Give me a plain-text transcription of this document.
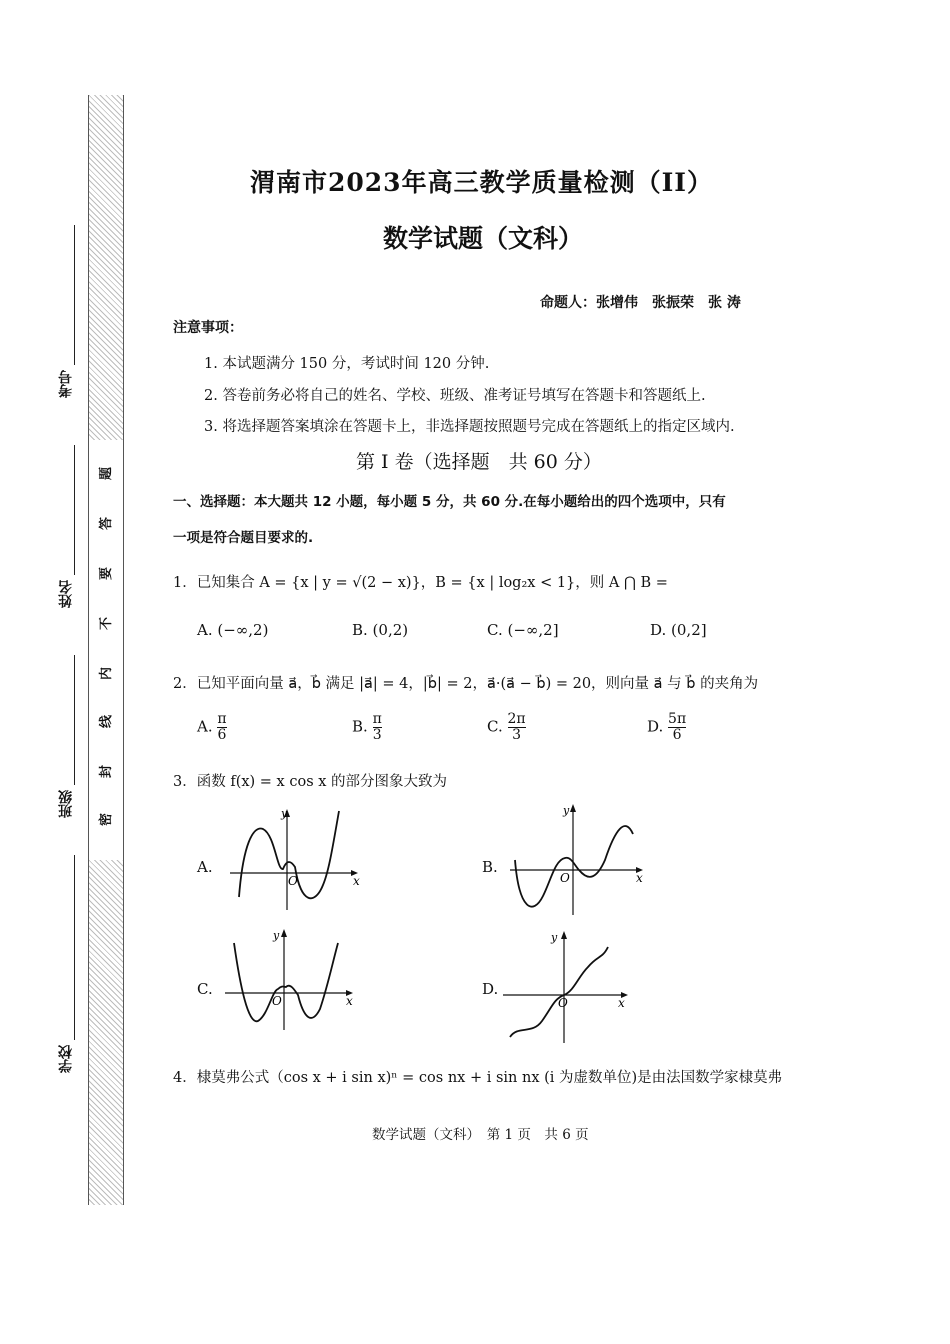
题
答
要
不
内
线
封
密
考号
姓名
班级
学校
渭南市2023年高三教学质量检测（II）
数学试题（文科）
命题人：张增伟　张振荣　张 涛
注意事项：
1. 本试题满分 150 分，考试时间 120 分钟.
2. 答卷前务必将自己的姓名、学校、班级、准考证号填写在答题卡和答题纸上.
3. 将选择题答案填涂在答题卡上，非选择题按照题号完成在答题纸上的指定区域内.
第 I 卷（选择题　共 60 分）
一、选择题：本大题共 12 小题，每小题 5 分，共 60 分.在每小题给出的四个选项中，只有
一项是符合题目要求的.
1．已知集合 A = {x | y = √(2 − x)}，B = {x | log₂x < 1}，则 A ⋂ B =
A. (−∞,2)	B. (0,2)	C. (−∞,2]	D. (0,2]
2．已知平面向量 a⃗，b⃗ 满足 |a⃗| = 4，|b⃗| = 2，a⃗·(a⃗ − b⃗) = 20，则向量 a⃗ 与 b⃗ 的夹角为
A. $\frac{\pi}{6}$	B. $\frac{\pi}{3}$	C. $\frac{2\pi}{3}$	D. $\frac{5\pi}{6}$
3．函数 f(x) = x cos x 的部分图象大致为
A.
y
x
O
B.
y
x
O
C.
y
x
O
D.
y
x
O
4．棣莫弗公式（cos x + i sin x)ⁿ = cos nx + i sin nx (i 为虚数单位)是由法国数学家棣莫弗
数学试题（文科）　第 1 页　共 6 页
